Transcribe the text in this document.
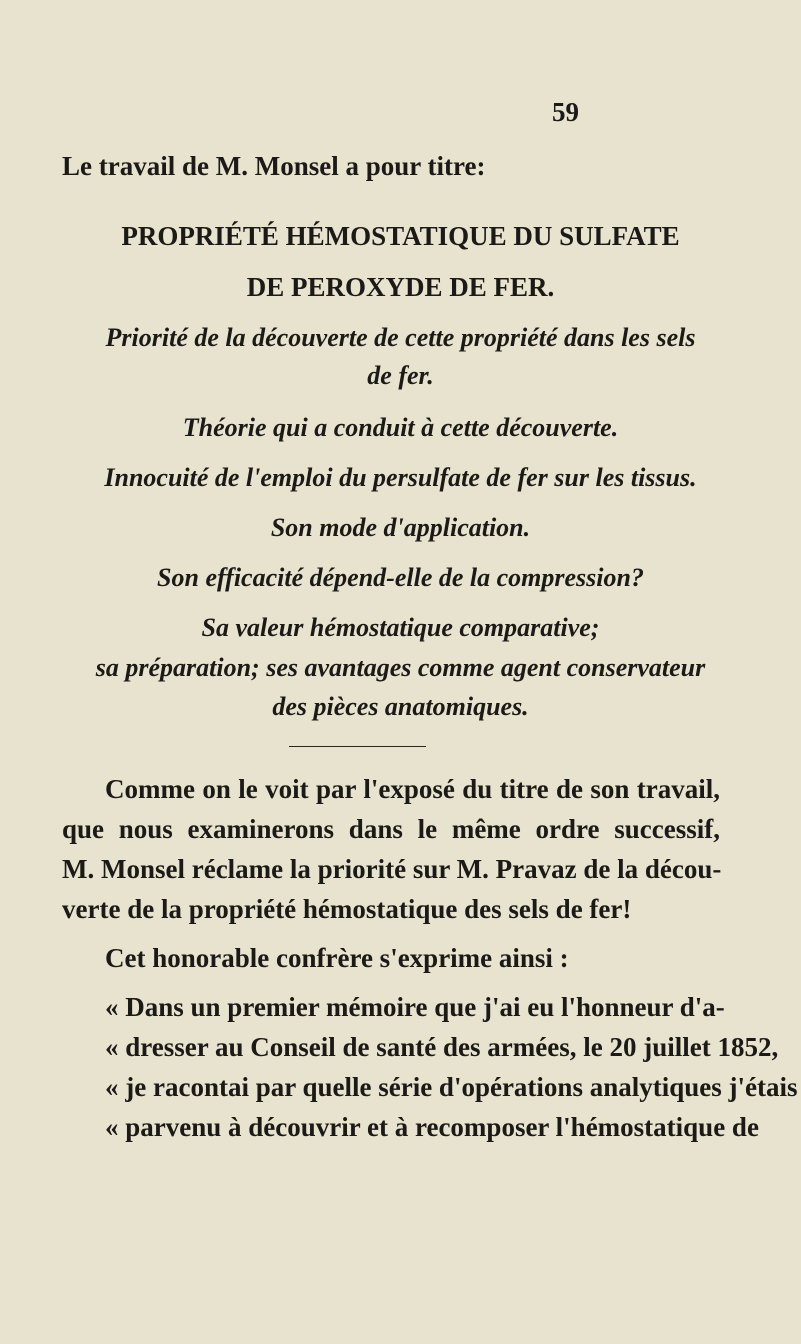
59
Le travail de M. Monsel a pour titre:
PROPRIÉTÉ HÉMOSTATIQUE DU SULFATE
DE PEROXYDE DE FER.
Priorité de la découverte de cette propriété dans les sels
de fer.
Théorie qui a conduit à cette découverte.
Innocuité de l'emploi du persulfate de fer sur les tissus.
Son mode d'application.
Son efficacité dépend-elle de la compression?
Sa valeur hémostatique comparative;
sa préparation; ses avantages comme agent conservateur
des pièces anatomiques.
Comme on le voit par l'exposé du titre de son travail,
que nous examinerons dans le même ordre successif,
M. Monsel réclame la priorité sur M. Pravaz de la décou-
verte de la propriété hémostatique des sels de fer!
Cet honorable confrère s'exprime ainsi :
« Dans un premier mémoire que j'ai eu l'honneur d'a-
« dresser au Conseil de santé des armées, le 20 juillet 1852,
« je racontai par quelle série d'opérations analytiques j'étais
« parvenu à découvrir et à recomposer l'hémostatique de
